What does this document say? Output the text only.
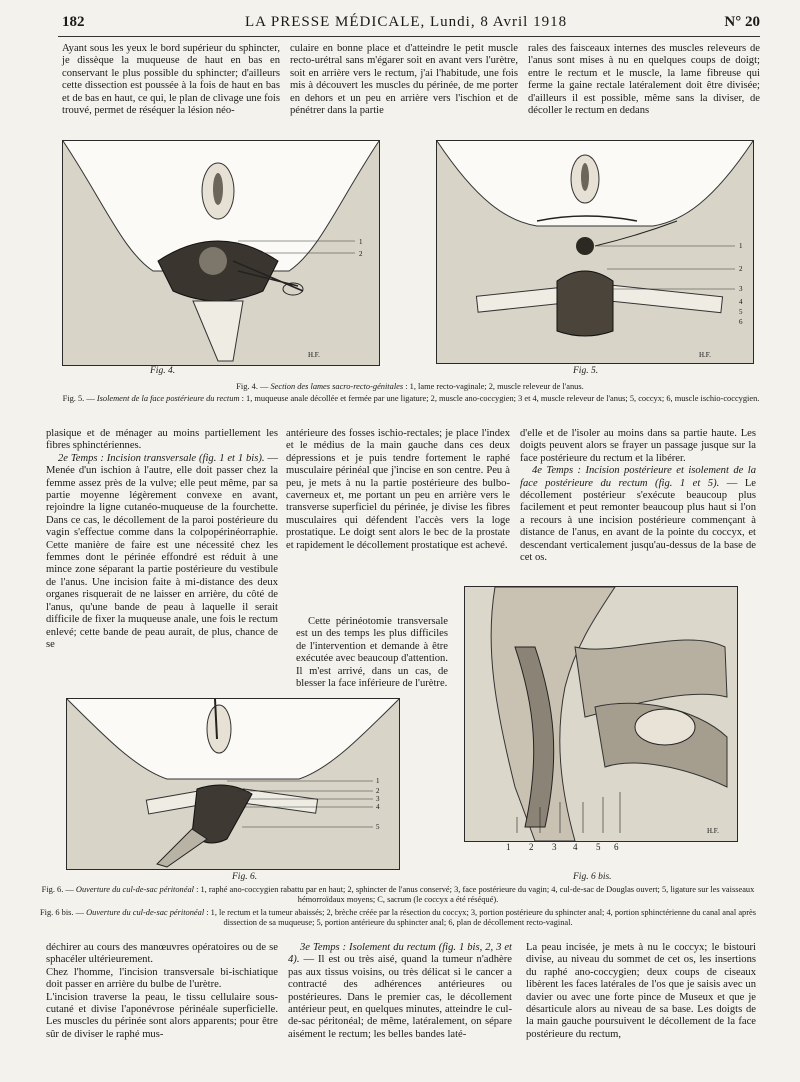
182	LA PRESSE MÉDICALE, Lundi, 8 Avril 1918	N° 20
Ayant sous les yeux le bord supérieur du sphincter, je dissèque la muqueuse de haut en bas en conservant le plus possible du sphincter; d'ailleurs cette dissection est poussée à la fois de haut en bas et de bas en haut, ce qui, le plan de clivage une fois trouvé, permet de réséquer la lésion néo-
culaire en bonne place et d'atteindre le petit muscle recto-urétral sans m'égarer soit en avant vers l'urètre, soit en arrière vers le rectum, j'ai l'habitude, une fois mis à découvert les muscles du périnée, de me porter en dehors et un peu en arrière vers l'ischion et de pénétrer dans la partie
rales des faisceaux internes des muscles releveurs de l'anus sont mises à nu en quelques coups de doigt; entre le rectum et le muscle, la lame fibreuse qui ferme la gaine rectale latéralement doit être divisée; d'ailleurs il est possible, même sans la diviser, de décoller le rectum en dedans
1
2
H.F.
Fig. 4.
1
2
3
4
5
6
H.F.
Fig. 5.
Fig. 4. — Section des lames sacro-recto-génitales : 1, lame recto-vaginale; 2, muscle releveur de l'anus.
Fig. 5. — Isolement de la face postérieure du rectum : 1, muqueuse anale décollée et fermée par une ligature; 2, muscle ano-coccygien; 3 et 4, muscle releveur de l'anus; 5, coccyx; 6, muscle ischio-coccygien.

plasique et de ménager au moins partiellement les fibres sphinctériennes.

2e Temps : Incision transversale (fig. 1 et 1 bis). — Menée d'un ischion à l'autre, elle doit passer chez la femme assez près de la vulve; elle peut même, par sa partie moyenne légèrement convexe en avant, rejoindre la ligne cutanéo-muqueuse de la fourchette. Dans ce cas, le décollement de la paroi postérieure du vagin s'effectue comme dans la colpopérinéorraphie. Cette manière de faire est une nécessité chez les femmes dont le périnée effondré est réduit à une mince zone séparant la partie postérieure du vestibule de l'anus. Une incision faite à mi-distance des deux organes risquerait de ne laisser en arrière, du côté de l'anus, qu'une bande de peau à laquelle il serait difficile de fixer la muqueuse anale, une fois le rectum enlevé; cette bande de peau aurait, de plus, chance de se

antérieure des fosses ischio-rectales; je place l'index et le médius de la main gauche dans ces deux dépressions et je puis tendre fortement le raphé musculaire périnéal que j'incise en son centre. Peu à peu, je mets à nu la partie postérieure des bulbo-caverneux et, me portant un peu en arrière vers le transverse superficiel du périnée, je divise les fibres musculaires qui défendent l'accès vers la loge prostatique. Le doigt sent alors le bec de la prostate et rapidement le décollement prostatique est achevé.

Cette périnéotomie transversale est un des temps les plus difficiles de l'intervention et demande à être exécutée avec beaucoup d'attention. Il m'est arrivé, dans un cas, de blesser la face inférieure de l'urètre.

d'elle et de l'isoler au moins dans sa partie haute. Les doigts peuvent alors se frayer un passage jusque sur la face postérieure du rectum et la libérer.

4e Temps : Incision postérieure et isolement de la face postérieure du rectum (fig. 1 et 5). — Le décollement postérieur s'exécute beaucoup plus facilement et peut remonter beaucoup plus haut si l'on a recours à une incision postérieure commençant à distance de l'anus, en avant de la pointe du coccyx, et descendant verticalement jusqu'au-dessus de la base de cet os.

1
2
3
4
5
Fig. 6.
H.F.
1 2 3 4 5 6
Fig. 6 bis.
Fig. 6. — Ouverture du cul-de-sac péritonéal : 1, raphé ano-coccygien rabattu par en haut; 2, sphincter de l'anus conservé; 3, face postérieure du vagin; 4, cul-de-sac de Douglas ouvert; 5, ligature sur les vaisseaux hémorroïdaux moyens; C, sacrum (le coccyx a été réséqué).
Fig. 6 bis. — Ouverture du cul-de-sac péritonéal : 1, le rectum et la tumeur abaissés; 2, brèche créée par la résection du coccyx; 3, portion postérieure du sphincter anal; 4, portion sphinctérienne du canal anal après dissection de sa muqueuse; 5, portion antérieure du sphincter anal; 6, plan de décollement recto-vaginal.
déchirer au cours des manœuvres opératoires ou de se sphacéler ultérieurement.
Chez l'homme, l'incision transversale bi-ischiatique doit passer en arrière du bulbe de l'urètre.
L'incision traverse la peau, le tissu cellulaire sous-cutané et divise l'aponévrose périnéale superficielle. Les muscles du périnée sont alors apparents; pour être sûr de diviser le raphé mus-

3e Temps : Isolement du rectum (fig. 1 bis, 2, 3 et 4). — Il est ou très aisé, quand la tumeur n'adhère pas aux tissus voisins, ou très délicat si le cancer a contracté des adhérences antérieures ou postérieures. Dans le premier cas, le décollement antérieur peut, en quelques minutes, atteindre le cul-de-sac péritonéal; de même, latéralement, on sépare aisément le rectum; les belles bandes laté-

La peau incisée, je mets à nu le coccyx; le bistouri divise, au niveau du sommet de cet os, les insertions du raphé ano-coccygien; deux coups de ciseaux libèrent les faces latérales de l'os que je saisis avec un davier ou avec une forte pince de Museux et que je désarticule alors au niveau de sa base. Les doigts de la main gauche poursuivent le décollement de la face postérieure du rectum,
